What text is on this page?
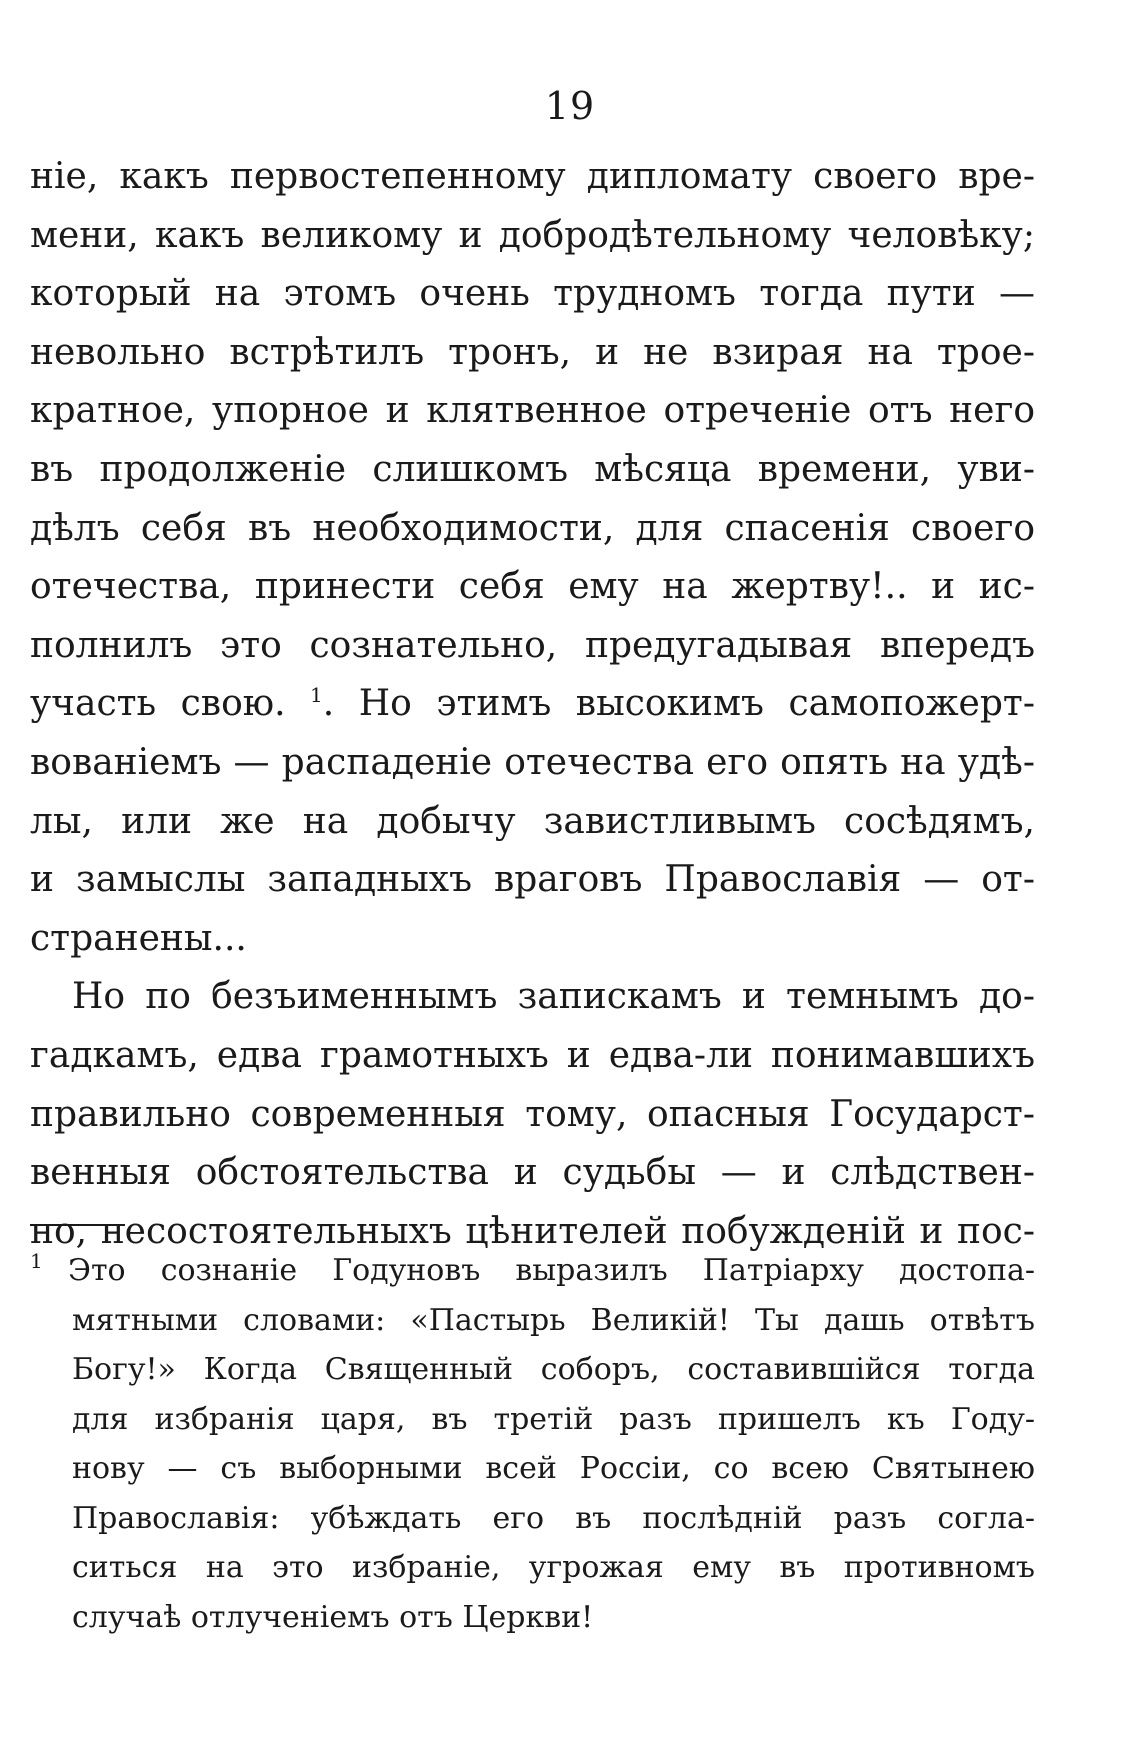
19
ніе, какъ первостепенному дипломату своего вре-
мени, какъ великому и добродѣтельному человѣку;
который на этомъ очень трудномъ тогда пути —
невольно встрѣтилъ тронъ, и не взирая на трое-
кратное, упорное и клятвенное отреченіе отъ него
въ продолженіе слишкомъ мѣсяца времени, уви-
дѣлъ себя въ необходимости, для спасенія своего
отечества, принести себя ему на жертву!.. и ис-
полнилъ это сознательно, предугадывая впередъ
участь свою. $^1$. Но этимъ высокимъ самопожерт-
вованіемъ — распаденіе отечества его опять на удѣ-
лы, или же на добычу завистливымъ сосѣдямъ,
и замыслы западныхъ враговъ Православія — от-
странены...
Но по безъименнымъ запискамъ и темнымъ до-
гадкамъ, едва грамотныхъ и едва-ли понимавшихъ
правильно современныя тому, опасныя Государст-
венныя обстоятельства и судьбы — и слѣдствен-
но, несостоятельныхъ цѣнителей побужденій и пос-
1 Это сознаніе Годуновъ выразилъ Патріарху достопа-
мятными словами: «Пастырь Великій! Ты дашь отвѣтъ
Богу!» Когда Священный соборъ, составившійся тогда
для избранія царя, въ третій разъ пришелъ къ Году-
нову — съ выборными всей Россіи, со всею Святынею
Православія: убѣждать его въ послѣдній разъ согла-
ситься на это избраніе, угрожая ему въ противномъ
случаѣ отлученіемъ отъ Церкви!
